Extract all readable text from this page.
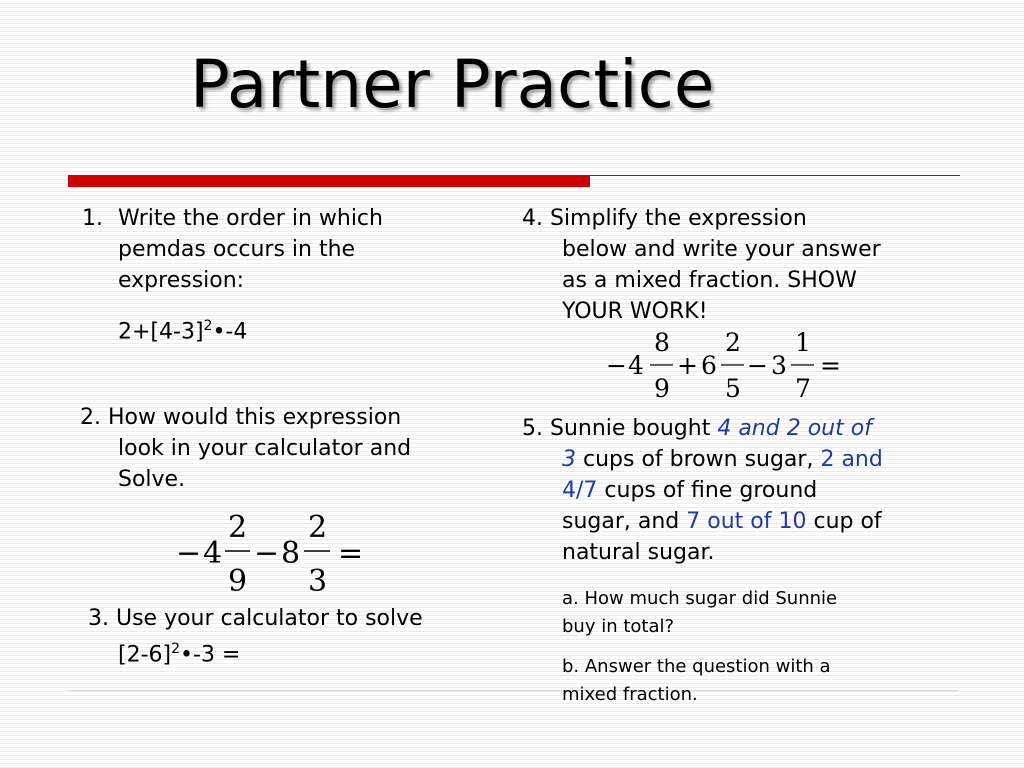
Partner Practice
1. Write the order in which
pemdas occurs in the
expression:
$2+[4-3]^2•-4$
2. How would this expression
look in your calculator and
Solve.
− 4
2
9
− 8
2
3
=
3. Use your calculator to solve
$[2-6]^2•-3$ =
4. Simplify the expression
below and write your answer
as a mixed fraction. SHOW
YOUR WORK!
− 4
8
9
+ 6
2
5
− 3
1
7
=
5. Sunnie bought 4 and 2 out of
3 cups of brown sugar, 2 and
4/7 cups of fine ground
sugar, and 7 out of 10 cup of
natural sugar.
a. How much sugar did Sunnie
buy in total?
b. Answer the question with a
mixed fraction.
